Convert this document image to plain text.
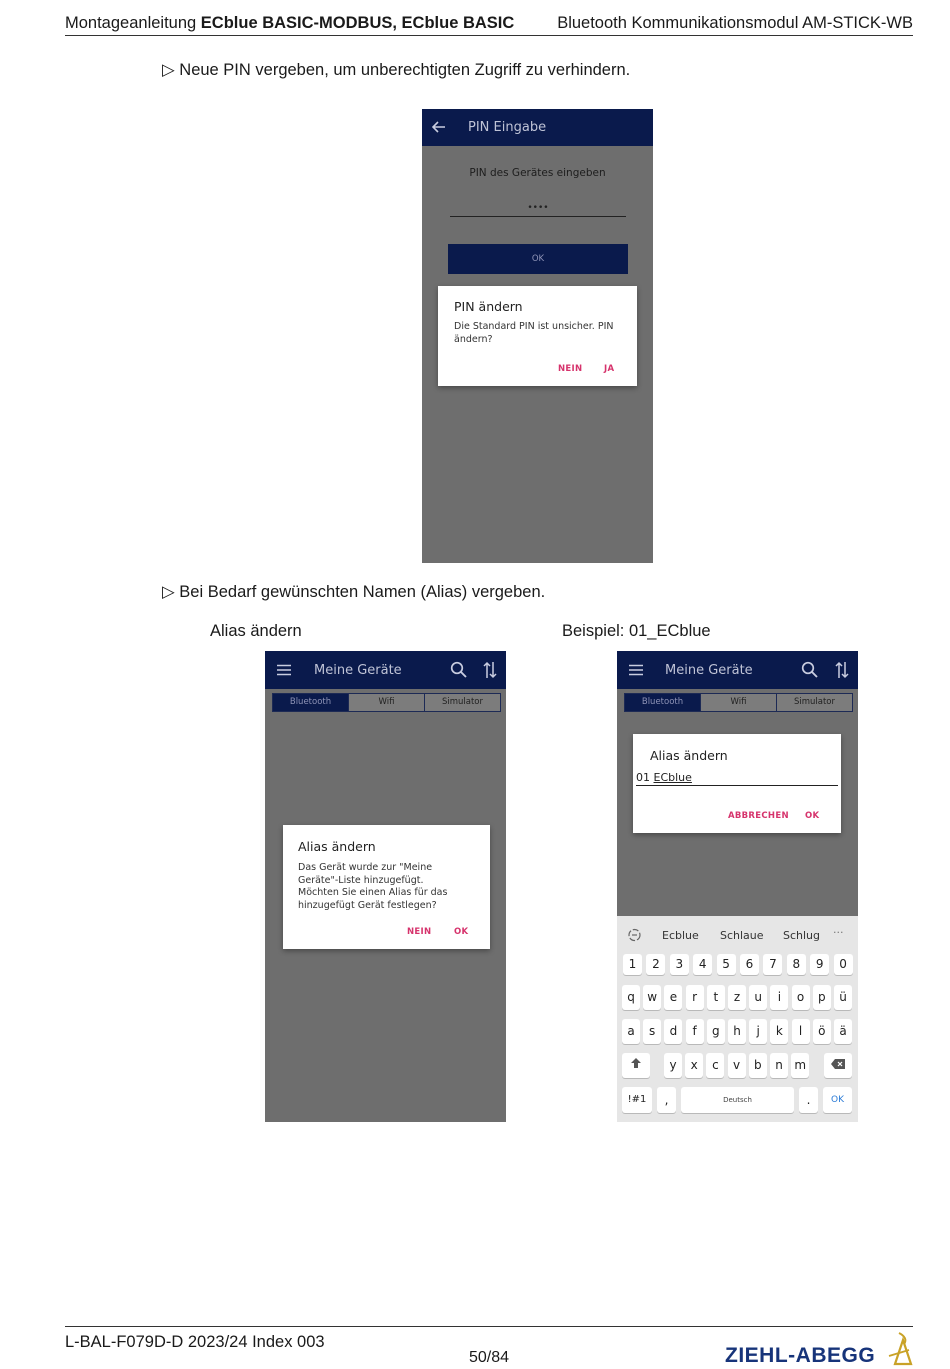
Montageanleitung ECblue BASIC-MODBUS, ECblue BASIC	Bluetooth Kommunikationsmodul AM-STICK-WB
▷ Neue PIN vergeben, um unberechtigten Zugriff zu verhindern.
PIN Eingabe
PIN des Gerätes eingeben
••••
OK
PIN ändern
Die Standard PIN ist unsicher. PIN ändern?
NEIN	JA
▷ Bei Bedarf gewünschten Namen (Alias) vergeben.
Alias ändern	Beispiel: 01_ECblue
Meine Geräte
Bluetooth	Wifi	Simulator
Alias ändern
Das Gerät wurde zur "Meine Geräte"-Liste hinzugefügt. Möchten Sie einen Alias für das hinzugefügt Gerät festlegen?
NEIN	OK
Meine Geräte
Bluetooth	Wifi	Simulator
Alias ändern
01 ECblue
ABBRECHEN OK
Ecblue Schlaue Schlug ···
1	2	3	4	5	6	7	8	9	0
q	w	e	r	t	z	u	i	o	p	ü
a	s	d	f	g	h	j	k	l	ö	ä
y	x	c	v	b	n m
!#1	,	Deutsch	.	OK
L-BAL-F079D-D 2023/24 Index 003
50/84	ZIEHL-ABEGG
